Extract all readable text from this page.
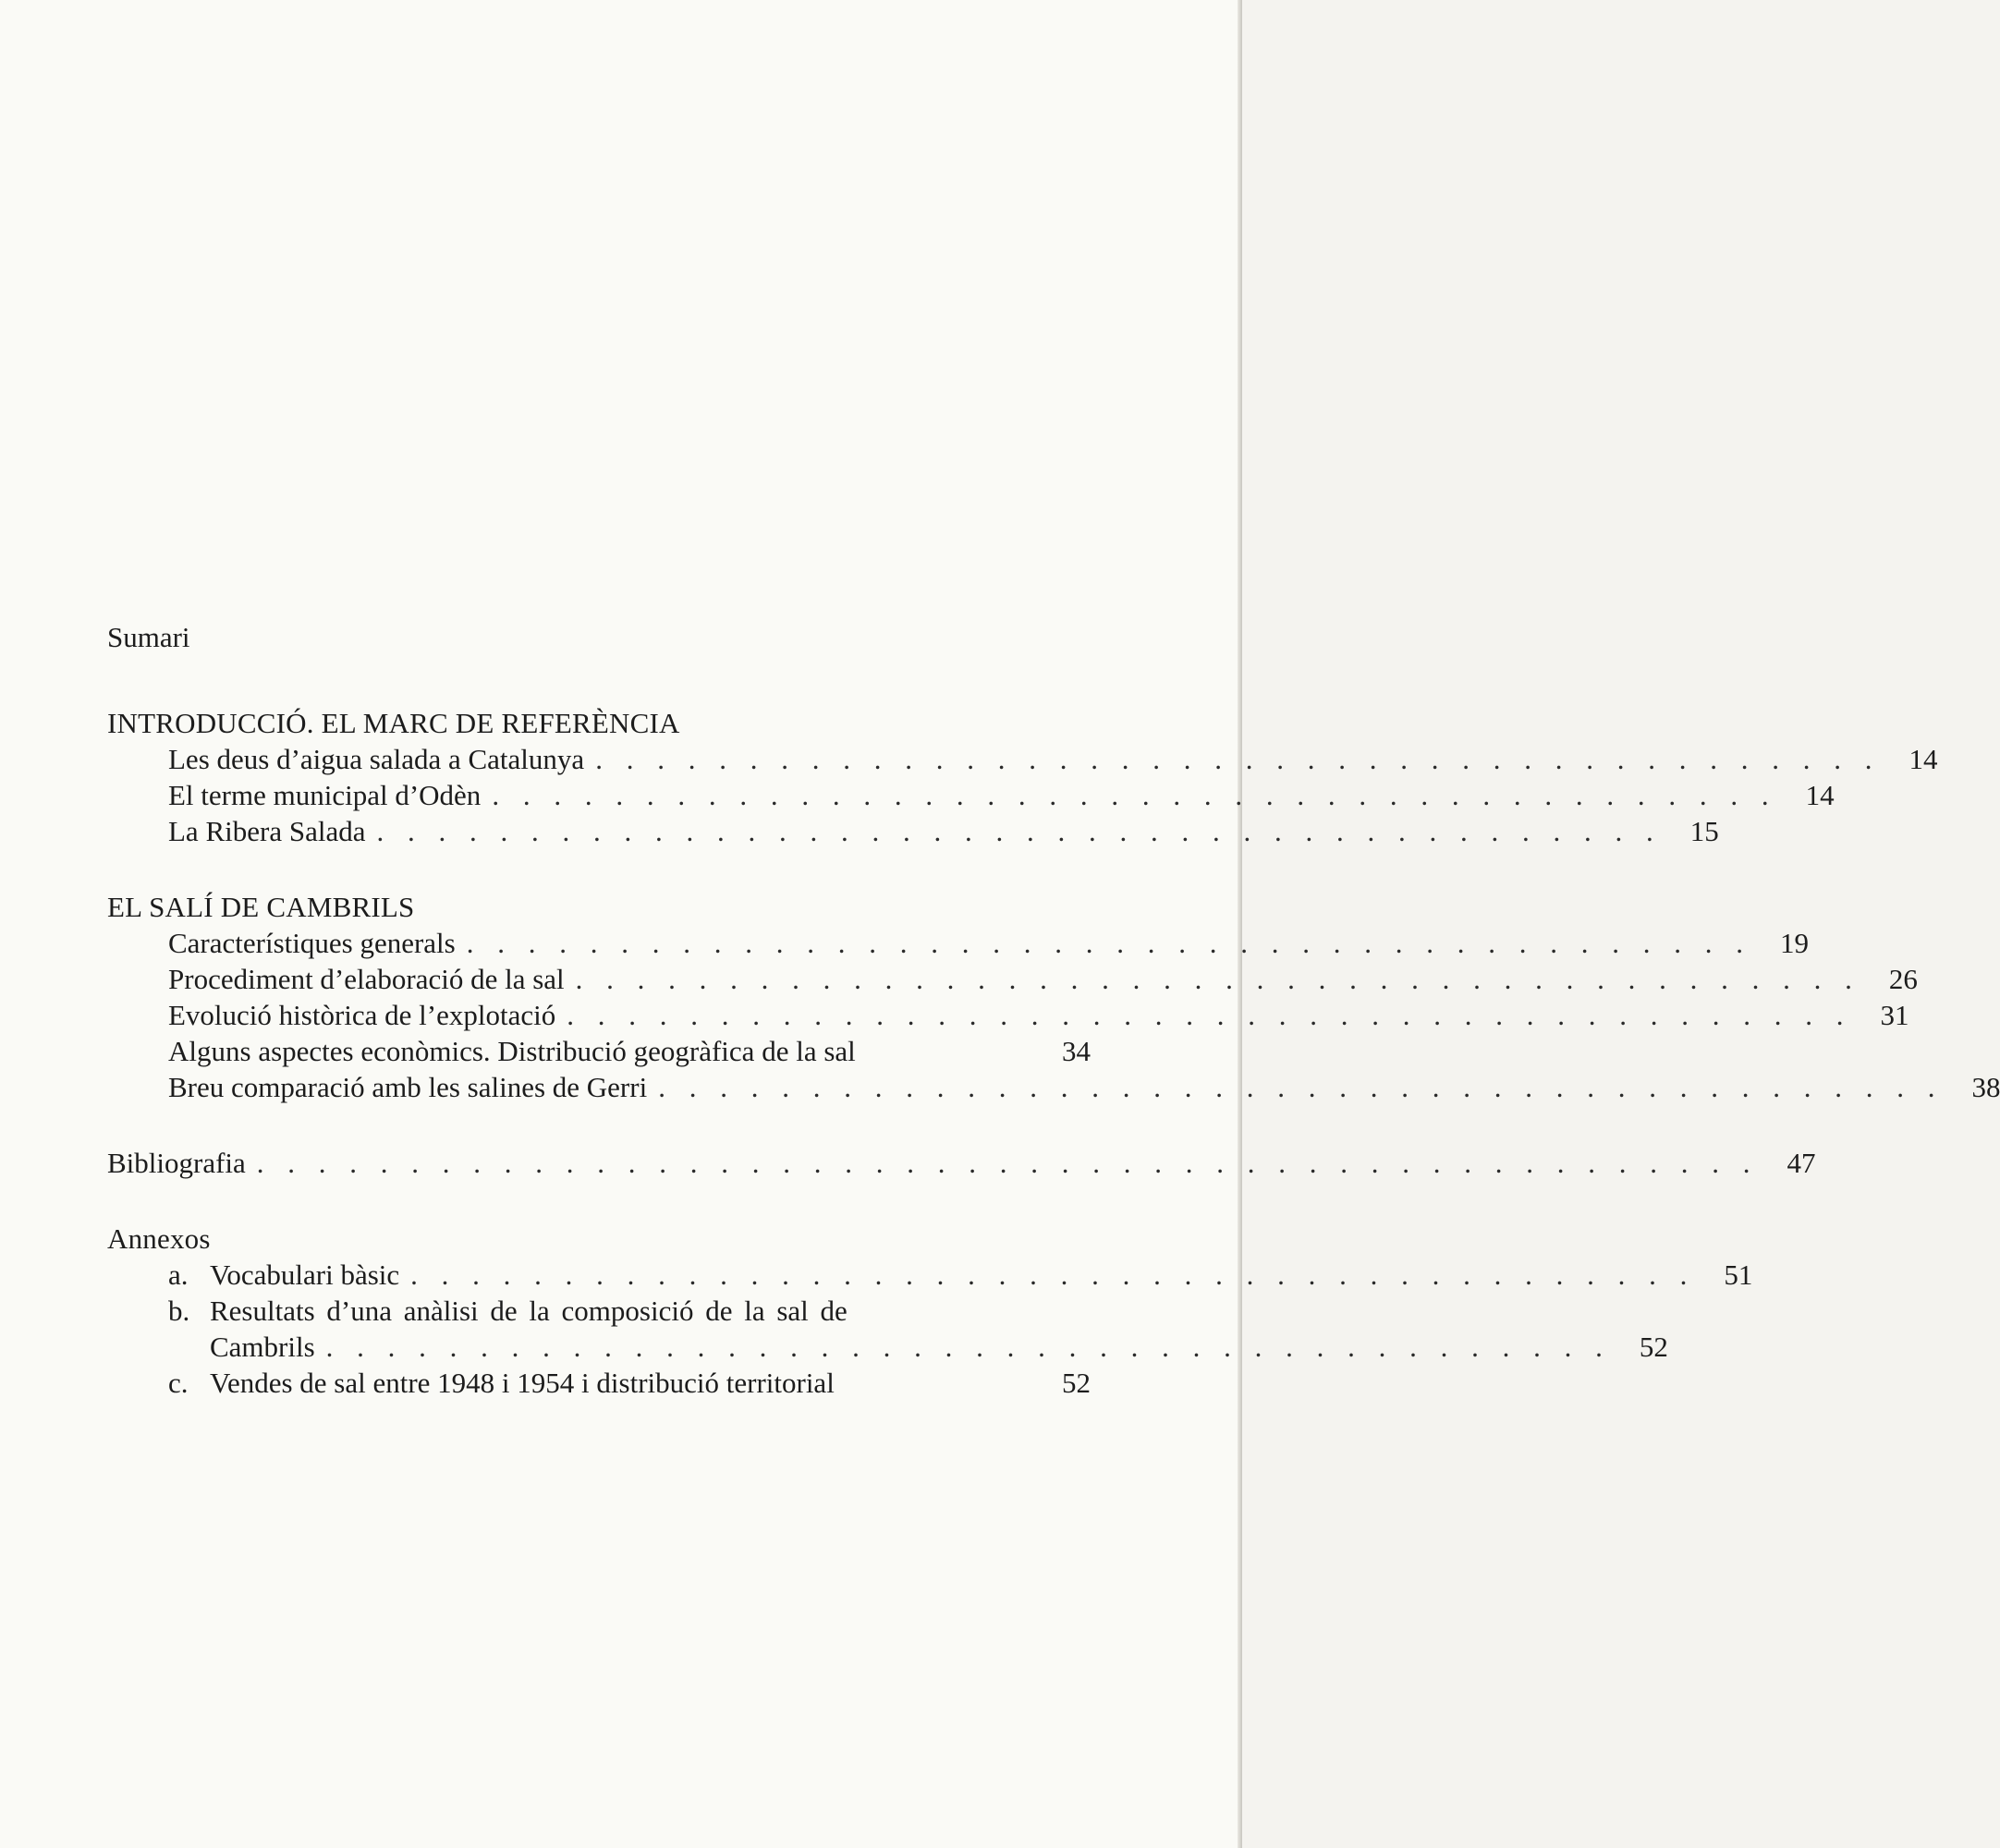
Sumari
INTRODUCCIÓ. EL MARC DE REFERÈNCIA
Les deus d’aigua salada a Catalunya . . . . . . . . . . . . . . . . . . . . . . . . . . . . . . . . . . . . . . . . . .	14
El terme municipal d’Odèn . . . . . . . . . . . . . . . . . . . . . . . . . . . . . . . . . . . . . . . . . .	14
La Ribera Salada . . . . . . . . . . . . . . . . . . . . . . . . . . . . . . . . . . . . . . . . . .	15
EL SALÍ DE CAMBRILS
Característiques generals . . . . . . . . . . . . . . . . . . . . . . . . . . . . . . . . . . . . . . . . . .	19
Procediment d’elaboració de la sal . . . . . . . . . . . . . . . . . . . . . . . . . . . . . . . . . . . . . . . . . .	26
Evolució històrica de l’explotació . . . . . . . . . . . . . . . . . . . . . . . . . . . . . . . . . . . . . . . . . .	31
Alguns aspectes econòmics. Distribució geogràfica de la sal	34
Breu comparació amb les salines de Gerri . . . . . . . . . . . . . . . . . . . . . . . . . . . . . . . . . . . . . . . . . .	38
Bibliografia . . . . . . . . . . . . . . . . . . . . . . . . . . . . . . . . . . . . . . . . . . . . . . . . .	47
Annexos
a. Vocabulari bàsic . . . . . . . . . . . . . . . . . . . . . . . . . . . . . . . . . . . . . . . . . .	51
b. Resultats d’una anàlisi de la composició de la sal de
Cambrils . . . . . . . . . . . . . . . . . . . . . . . . . . . . . . . . . . . . . . . . . .	52
c. Vendes de sal entre 1948 i 1954 i distribució territorial	52
